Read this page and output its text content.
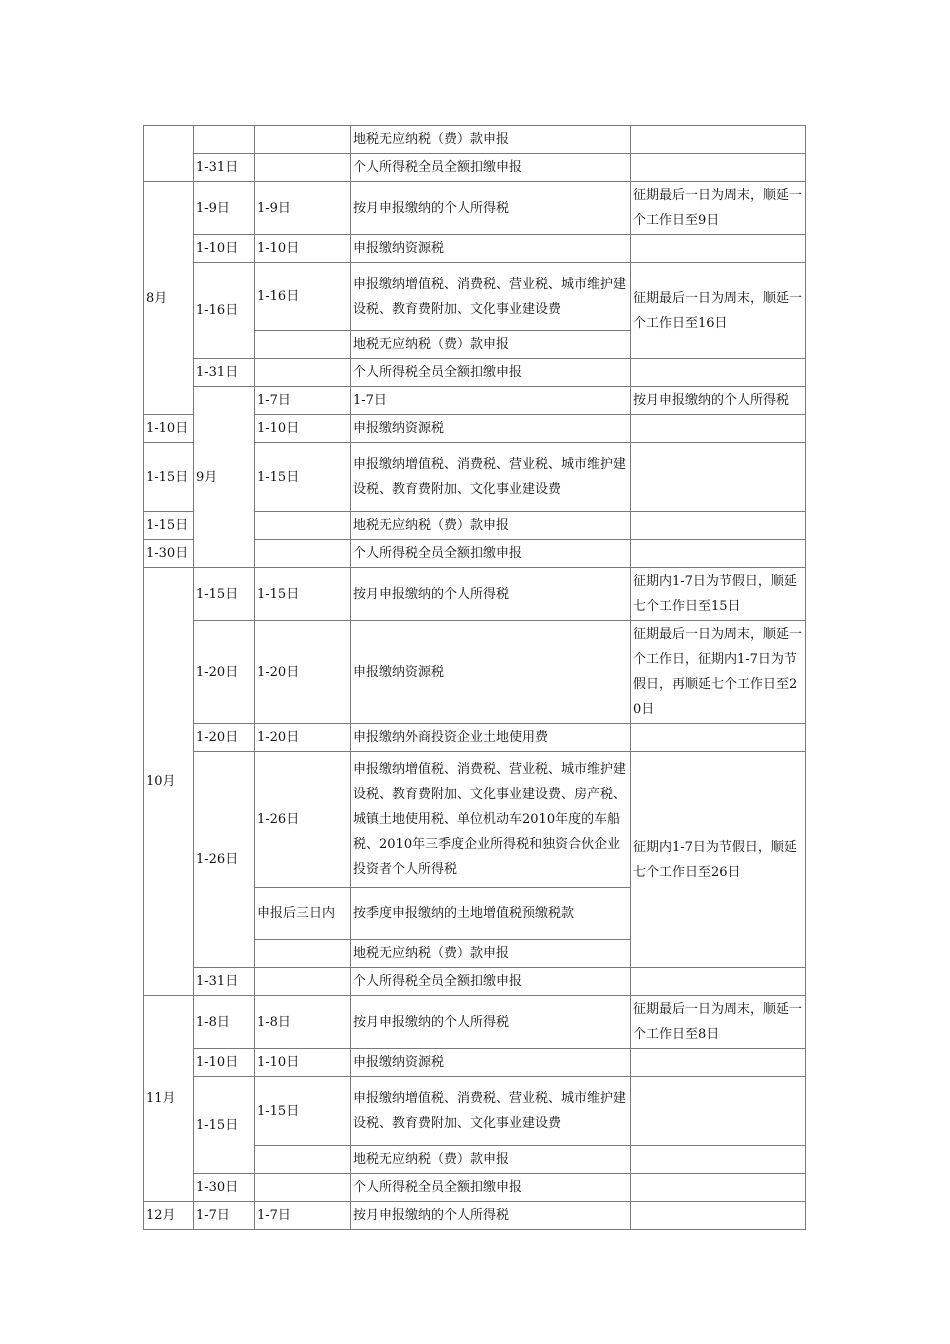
			地税无应纳税（费）款申报		
	1-31日		个人所得税全员全额扣缴申报		
8月	1-9日	1-9日	按月申报缴纳的个人所得税	征期最后一日为周末，顺延一个工作日至9日	
	1-10日	1-10日	申报缴纳资源税		
	1-16日	1-16日	申报缴纳增值税、消费税、营业税、城市维护建设税、教育费附加、文化事业建设费	征期最后一日为周末，顺延一个工作日至16日	
			地税无应纳税（费）款申报		
	1-31日		个人所得税全员全额扣缴申报		
	9月	1-7日	1-7日	按月申报缴纳的个人所得税	
1-10日		1-10日	申报缴纳资源税		
1-15日		1-15日	申报缴纳增值税、消费税、营业税、城市维护建设税、教育费附加、文化事业建设费		
1-15日			地税无应纳税（费）款申报		
1-30日			个人所得税全员全额扣缴申报		
10月	1-15日	1-15日	按月申报缴纳的个人所得税	征期内1-7日为节假日，顺延七个工作日至15日	
	1-20日	1-20日	申报缴纳资源税	征期最后一日为周末，顺延一个工作日，征期内1-7日为节假日，再顺延七个工作日至20日	
	1-20日	1-20日	申报缴纳外商投资企业土地使用费		
	1-26日	1-26日	申报缴纳增值税、消费税、营业税、城市维护建设税、教育费附加、文化事业建设费、房产税、城镇土地使用税、单位机动车2010年度的车船税、2010年三季度企业所得税和独资合伙企业投资者个人所得税	征期内1-7日为节假日，顺延七个工作日至26日	
		申报后三日内	按季度申报缴纳的土地增值税预缴税款		
			地税无应纳税（费）款申报		
	1-31日		个人所得税全员全额扣缴申报		
11月	1-8日	1-8日	按月申报缴纳的个人所得税	征期最后一日为周末，顺延一个工作日至8日	
	1-10日	1-10日	申报缴纳资源税		
	1-15日	1-15日	申报缴纳增值税、消费税、营业税、城市维护建设税、教育费附加、文化事业建设费		
			地税无应纳税（费）款申报		
	1-30日		个人所得税全员全额扣缴申报		
12月	1-7日	1-7日	按月申报缴纳的个人所得税		
